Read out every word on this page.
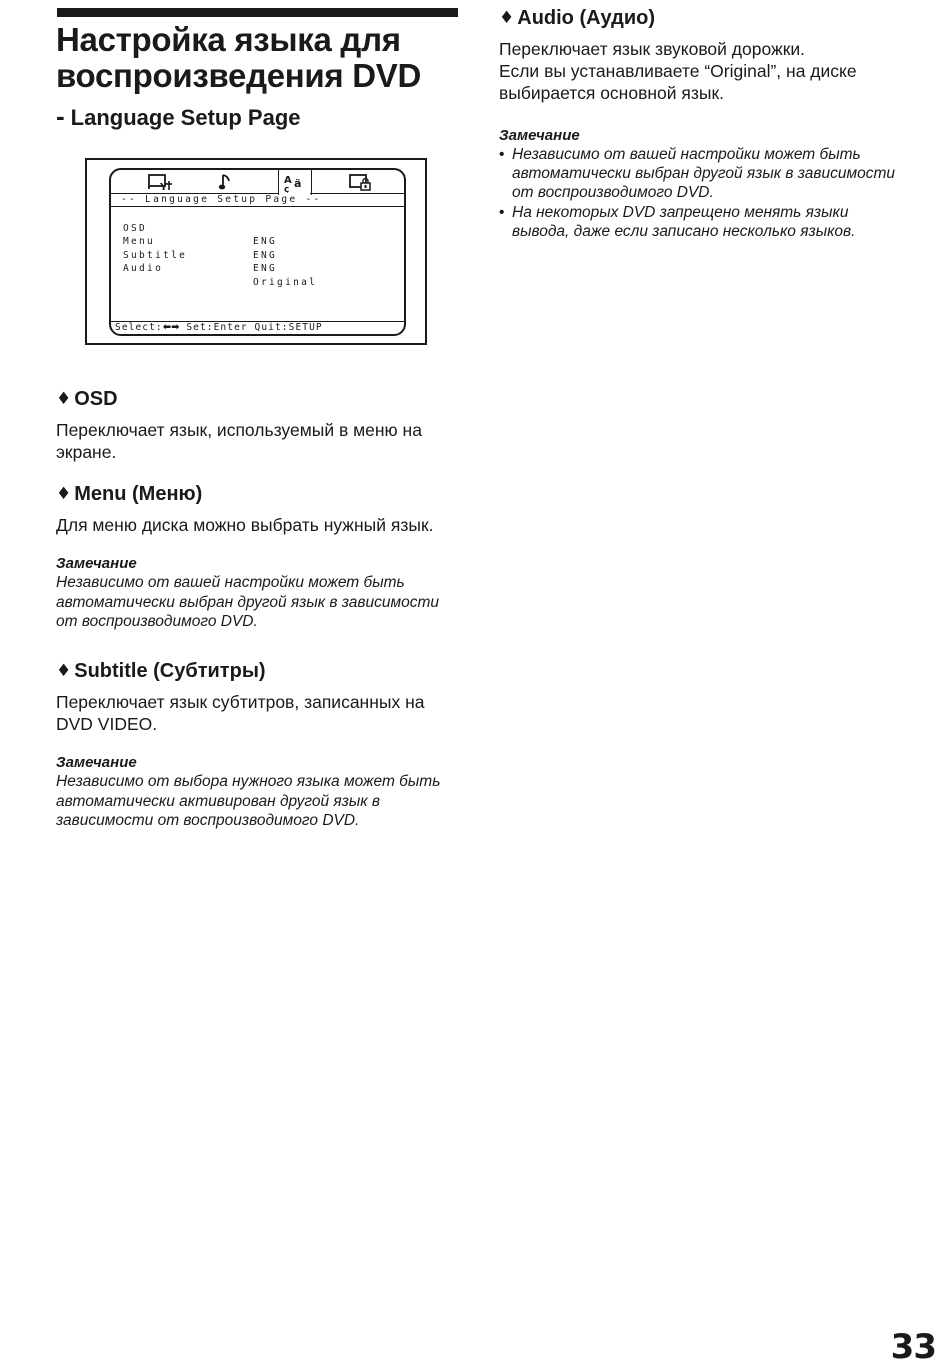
Настройка языка для воспроизведения DVD
- Language Setup Page
Y
A
ç ä
-- Language Setup Page --

OSD

ENG

Menu

ENG

Subtitle

ENG

Audio

Original

Select:⬅➡ Set:Enter Quit:SETUP
♦ OSD

Переключает язык, используемый в меню на экране.

♦ Menu (Меню)

Для меню диска можно выбрать нужный язык.

Замечание

Независимо от вашей настройки может быть автоматически выбран другой язык в зависимости от воспроизводимого DVD.

♦ Subtitle (Субтитры)

Переключает язык субтитров, записанных на DVD VIDEO.

Замечание

Независимо от выбора нужного языка может быть автоматически активирован другой язык в зависимости от воспроизводимого DVD.

♦ Audio (Аудио)

Переключает язык звуковой дорожки.
Если вы устанавливаете “Original”, на диске выбирается основной язык.

Замечание

• Независимо от вашей настройки может быть автоматически выбран другой язык в зависимости от воспроизводимого DVD.
• На некоторых DVD запрещено менять языки вывода, даже если записано несколько языков.
33
